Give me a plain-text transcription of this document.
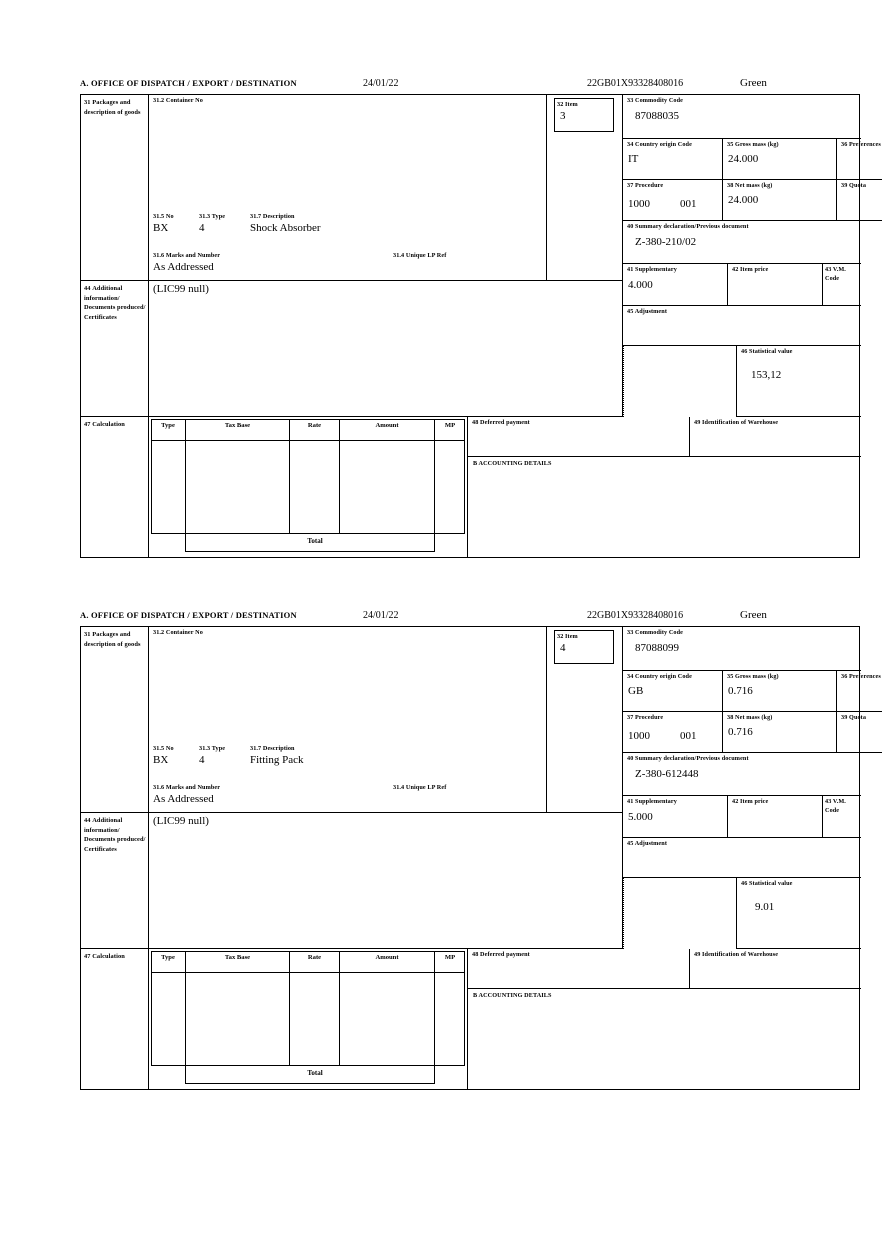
A. OFFICE OF DISPATCH / EXPORT / DESTINATION	24/01/22	22GB01X93328408016	Green
31 Packages and description of goods
31.2 Container No
31.5 No	31.3 Type	31.7 Description
BX	4	Shock Absorber
31.6 Marks and Number	31.4 Unique LP Ref
As Addressed
32 Item
3
33 Commodity Code
87088035
34 Country origin Code
IT
35 Gross mass (kg)
24.000
36 Preferences
37 Procedure
1000	001
38 Net mass (kg)
24.000
39 Quota
40 Summary declaration/Previous document
Z-380-210/02
41 Supplementary
4.000
42 Item price	43 V.M. Code
44 Additional information/ Documents produced/ Certificates
(LIC99 null)
45 Adjustment
46 Statistical value
153,12
47 Calculation	Type	Tax Base	Rate	Amount	MP
Total
48 Deferred payment	49 Identification of Warehouse
B ACCOUNTING DETAILS
A. OFFICE OF DISPATCH / EXPORT / DESTINATION	24/01/22	22GB01X93328408016	Green
31 Packages and description of goods
31.2 Container No
31.5 No	31.3 Type	31.7 Description
BX	4	Fitting Pack
31.6 Marks and Number	31.4 Unique LP Ref
As Addressed
32 Item
4
33 Commodity Code
87088099
34 Country origin Code
GB
35 Gross mass (kg)
0.716
36 Preferences
37 Procedure
1000	001
38 Net mass (kg)
0.716
39 Quota
40 Summary declaration/Previous document
Z-380-612448
41 Supplementary
5.000
42 Item price	43 V.M. Code
44 Additional information/ Documents produced/ Certificates
(LIC99 null)
45 Adjustment
46 Statistical value
9.01
47 Calculation	Type	Tax Base	Rate	Amount	MP
Total
48 Deferred payment	49 Identification of Warehouse
B ACCOUNTING DETAILS
